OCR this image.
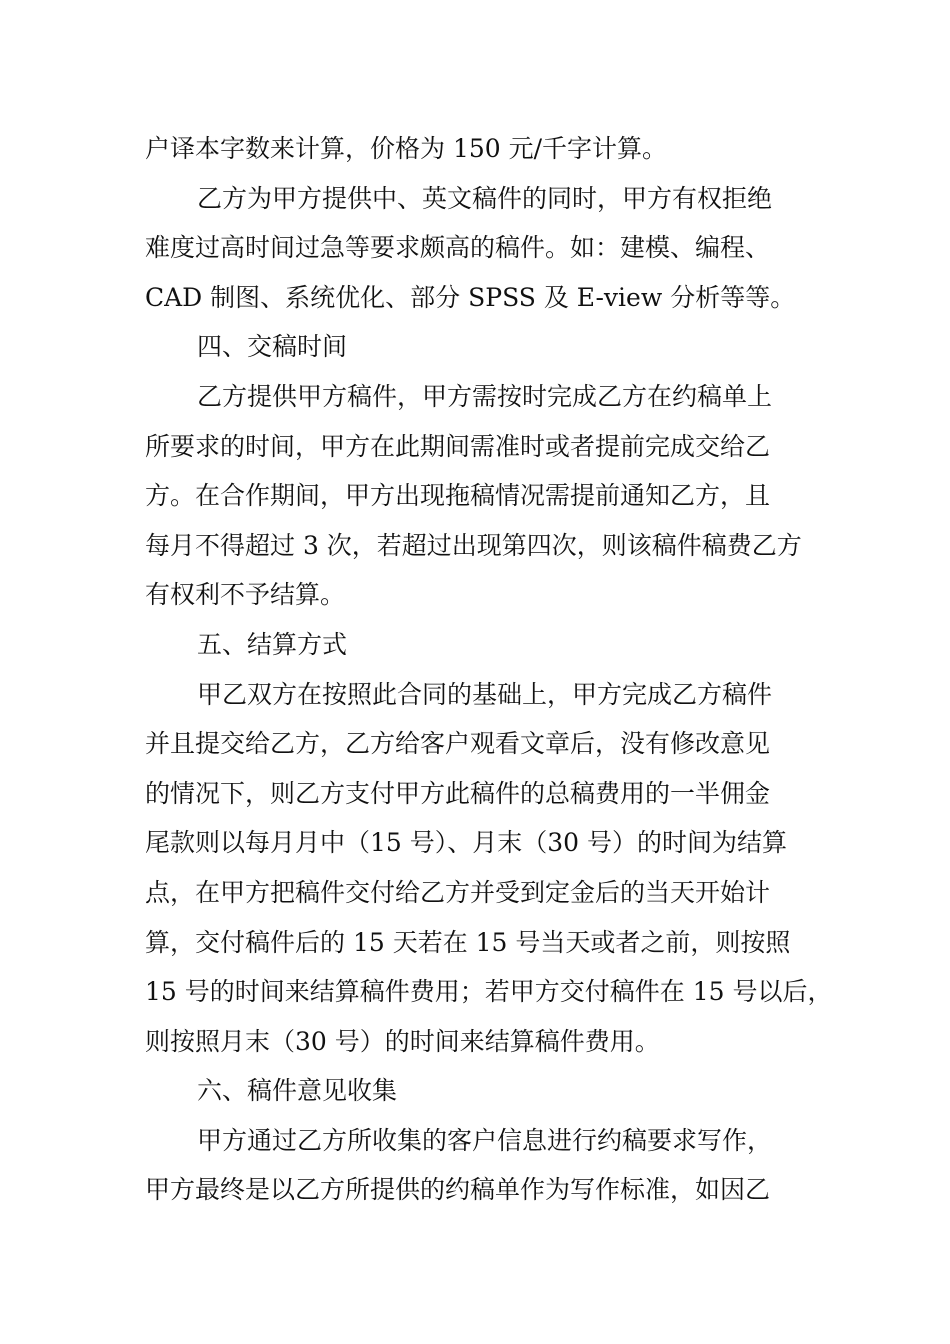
户译本字数来计算，价格为 150 元/千字计算。
乙方为甲方提供中、英文稿件的同时，甲方有权拒绝
难度过高时间过急等要求颇高的稿件。如：建模、编程、
CAD 制图、系统优化、部分 SPSS 及 E-view 分析等等。
四、交稿时间
乙方提供甲方稿件，甲方需按时完成乙方在约稿单上
所要求的时间，甲方在此期间需准时或者提前完成交给乙
方。在合作期间，甲方出现拖稿情况需提前通知乙方，且
每月不得超过 3 次，若超过出现第四次，则该稿件稿费乙方
有权利不予结算。
五、结算方式
甲乙双方在按照此合同的基础上，甲方完成乙方稿件
并且提交给乙方，乙方给客户观看文章后，没有修改意见
的情况下，则乙方支付甲方此稿件的总稿费用的一半佣金
尾款则以每月月中（15 号）、月末（30 号）的时间为结算
点，在甲方把稿件交付给乙方并受到定金后的当天开始计
算，交付稿件后的 15 天若在 15 号当天或者之前，则按照
15 号的时间来结算稿件费用；若甲方交付稿件在 15 号以后，
则按照月末（30 号）的时间来结算稿件费用。
六、稿件意见收集
甲方通过乙方所收集的客户信息进行约稿要求写作，
甲方最终是以乙方所提供的约稿单作为写作标准，如因乙
